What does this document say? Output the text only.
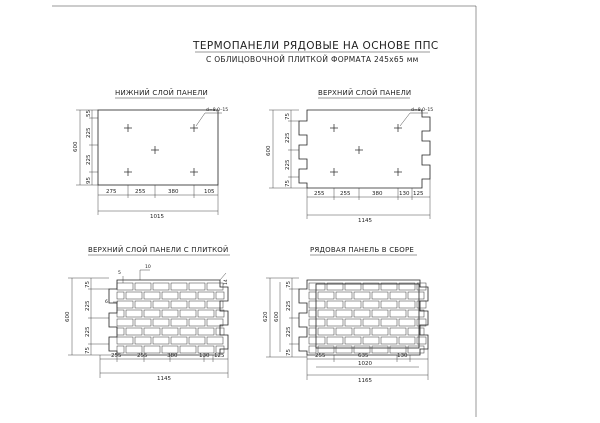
ТЕРМОПАНЕЛИ РЯДОВЫЕ НА ОСНОВЕ ППС
С ОБЛИЦОВОЧНОЙ ПЛИТКОЙ ФОРМАТА 245х65 мм
НИЖНИЙ СЛОЙ ПАНЕЛИ
d=8,0–15
600
55
225
225
95
275	255	380	105
1015
ВЕРХНИЙ СЛОЙ ПАНЕЛИ
d=8,0–15
600
75
225
225
75
255	255	380	130 125
1145
ВЕРХНИЙ СЛОЙ ПАНЕЛИ С ПЛИТКОЙ
10
5
6
14
600
75
225
225
75
255	255	380	130 125
1145
РЯДОВАЯ ПАНЕЛЬ В СБОРЕ
620 600
75
225
225
75	255	635	130
1020
1165
